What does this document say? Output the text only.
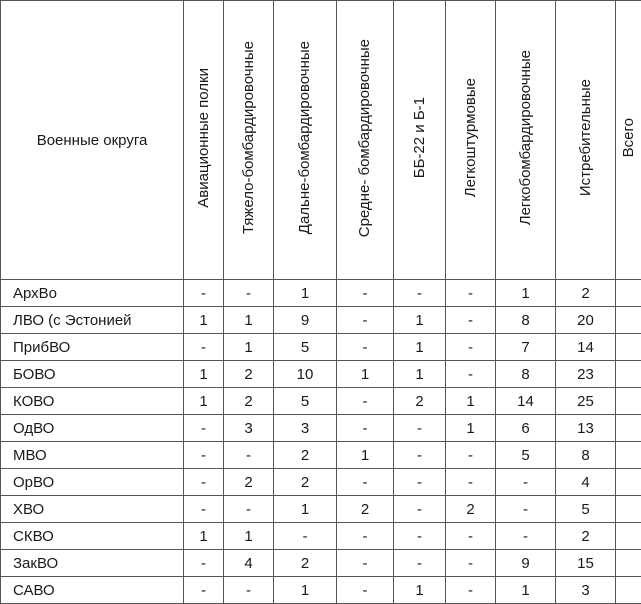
Военные округа	Авиационные полки	Тяжело-бомбардировочные	Дальне-бомбардировочные	Средне- бомбардировочные	ББ-22 и Б-1	Легкоштурмовые	Легкобомбардировочные	Истребительные	Всего
АрхВо	-	-	1	-	-	-	1	2	
ЛВО (с Эстонией	1	1	9	-	1	-	8	20	
ПрибВО	-	1	5	-	1	-	7	14	
БОВО	1	2	10	1	1	-	8	23	
КОВО	1	2	5	-	2	1	14	25	
ОдВО	-	3	3	-	-	1	6	13	
МВО	-	-	2	1	-	-	5	8	
ОрВО	-	2	2	-	-	-	-	4	
ХВО	-	-	1	2	-	2	-	5	
СКВО	1	1	-	-	-	-	-	2	
ЗакВО	-	4	2	-	-	-	9	15	
САВО	-	-	1	-	1	-	1	3	
